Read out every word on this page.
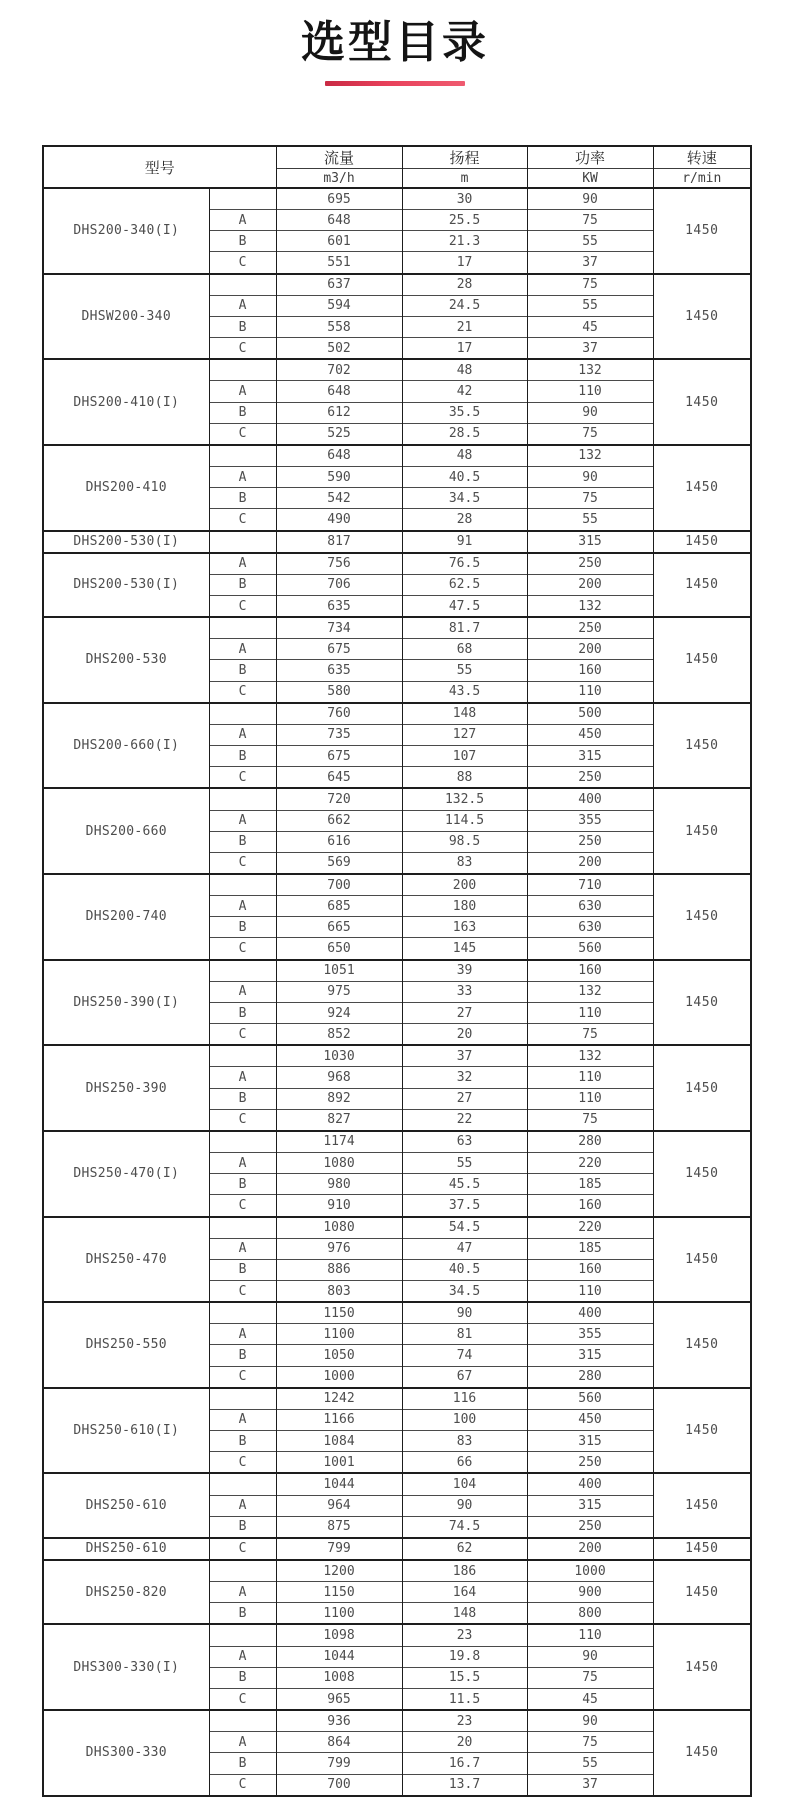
选型目录
型号		流量	扬程	功率	转速
		m3/h	m	KW	r/min
DHS200-340(I)		695	30	90	1450
	A	648	25.5	75	
	B	601	21.3	55	
	C	551	17	37	
DHSW200-340		637	28	75	1450
	A	594	24.5	55	
	B	558	21	45	
	C	502	17	37	
DHS200-410(I)		702	48	132	1450
	A	648	42	110	
	B	612	35.5	90	
	C	525	28.5	75	
DHS200-410		648	48	132	1450
	A	590	40.5	90	
	B	542	34.5	75	
	C	490	28	55	
DHS200-530(I)		817	91	315	1450
DHS200-530(I)	A	756	76.5	250	1450
	B	706	62.5	200	
	C	635	47.5	132	
DHS200-530		734	81.7	250	1450
	A	675	68	200	
	B	635	55	160	
	C	580	43.5	110	
DHS200-660(I)		760	148	500	1450
	A	735	127	450	
	B	675	107	315	
	C	645	88	250	
DHS200-660		720	132.5	400	1450
	A	662	114.5	355	
	B	616	98.5	250	
	C	569	83	200	
DHS200-740		700	200	710	1450
	A	685	180	630	
	B	665	163	630	
	C	650	145	560	
DHS250-390(I)		1051	39	160	1450
	A	975	33	132	
	B	924	27	110	
	C	852	20	75	
DHS250-390		1030	37	132	1450
	A	968	32	110	
	B	892	27	110	
	C	827	22	75	
DHS250-470(I)		1174	63	280	1450
	A	1080	55	220	
	B	980	45.5	185	
	C	910	37.5	160	
DHS250-470		1080	54.5	220	1450
	A	976	47	185	
	B	886	40.5	160	
	C	803	34.5	110	
DHS250-550		1150	90	400	1450
	A	1100	81	355	
	B	1050	74	315	
	C	1000	67	280	
DHS250-610(I)		1242	116	560	1450
	A	1166	100	450	
	B	1084	83	315	
	C	1001	66	250	
DHS250-610		1044	104	400	1450
	A	964	90	315	
	B	875	74.5	250	
DHS250-610	C	799	62	200	1450
DHS250-820		1200	186	1000	1450
	A	1150	164	900	
	B	1100	148	800	
DHS300-330(I)		1098	23	110	1450
	A	1044	19.8	90	
	B	1008	15.5	75	
	C	965	11.5	45	
DHS300-330		936	23	90	1450
	A	864	20	75	
	B	799	16.7	55	
	C	700	13.7	37	
